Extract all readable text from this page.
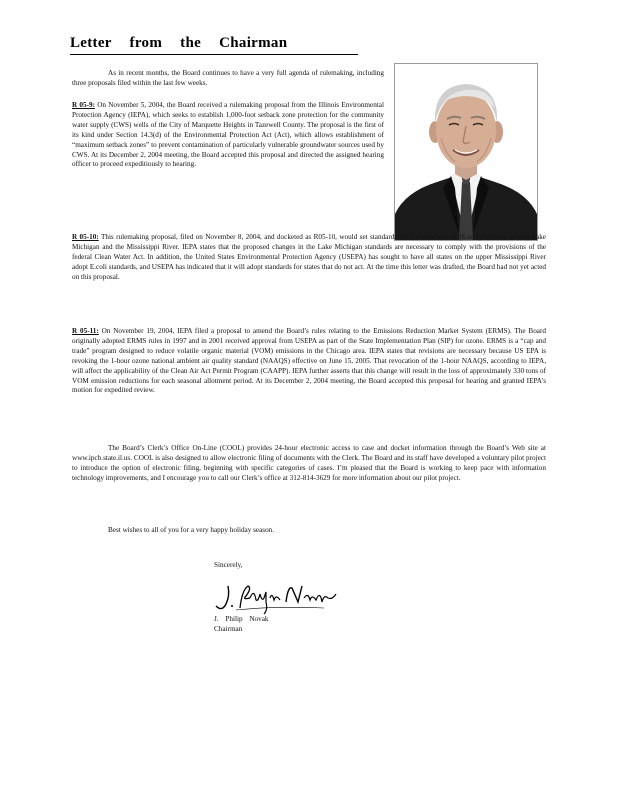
Letter from the Chairman

As in recent months, the Board continues to have a very full agenda of rulemaking, including three proposals filed within the last few weeks.

R 05-9: On November 5, 2004, the Board received a rulemaking proposal from the Illinois Environmental Protection Agency (IEPA), which seeks to establish 1,000-foot setback zone protection for the community water supply (CWS) wells of the City of Marquette Heights in Tazewell County. The proposal is the first of its kind under Section 14.3(d) of the Environmental Protection Act (Act), which allows establishment of “maximum setback zones” to prevent contamination of particularly vulnerable groundwater sources used by CWS. At its December 2, 2004 meeting, the Board accepted this proposal and directed the assigned hearing officer to proceed expeditiously to hearing.

R 05-10: This rulemaking proposal, filed on November 8, 2004, and docketed as R05-10, would set standards for Escherichia coli (E.coli) bacteria in both Lake Michigan and the Mississippi River. IEPA states that the proposed changes in the Lake Michigan standards are necessary to comply with the provisions of the federal Clean Water Act. In addition, the United States Environmental Protection Agency (USEPA) has sought to have all states on the upper Mississippi River adopt E.coli standards, and USEPA has indicated that it will adopt standards for states that do not act. At the time this letter was drafted, the Board had not yet acted on this proposal.

R 05-11: On November 19, 2004, IEPA filed a proposal to amend the Board’s rules relating to the Emissions Reduction Market System (ERMS). The Board originally adopted ERMS rules in 1997 and in 2001 received approval from USEPA as part of the State Implementation Plan (SIP) for ozone. ERMS is a “cap and trade” program designed to reduce volatile organic material (VOM) emissions in the Chicago area. IEPA states that revisions are necessary because US EPA is revoking the 1-hour ozone national ambient air quality standard (NAAQS) effective on June 15, 2005. That revocation of the 1-hour NAAQS, according to IEPA, will affect the applicability of the Clean Air Act Permit Program (CAAPP). IEPA further asserts that this change will result in the loss of approximately 330 tons of VOM emission reductions for each seasonal allotment period. At its December 2, 2004 meeting, the Board accepted this proposal for hearing and granted IEPA’s motion for expedited review.

The Board’s Clerk’s Office On-Line (COOL) provides 24-hour electronic access to case and docket information through the Board’s Web site at www.ipcb.state.il.us. COOL is also designed to allow electronic filing of documents with the Clerk. The Board and its staff have developed a voluntary pilot project to introduce the option of electronic filing, beginning with specific categories of cases. I’m pleased that the Board is working to keep pace with information technology improvements, and I encourage you to call our Clerk’s office at 312-814-3629 for more information about our pilot project.

Best wishes to all of you for a very happy holiday season.

Sincerely,
J. Philip Novak
Chairman
